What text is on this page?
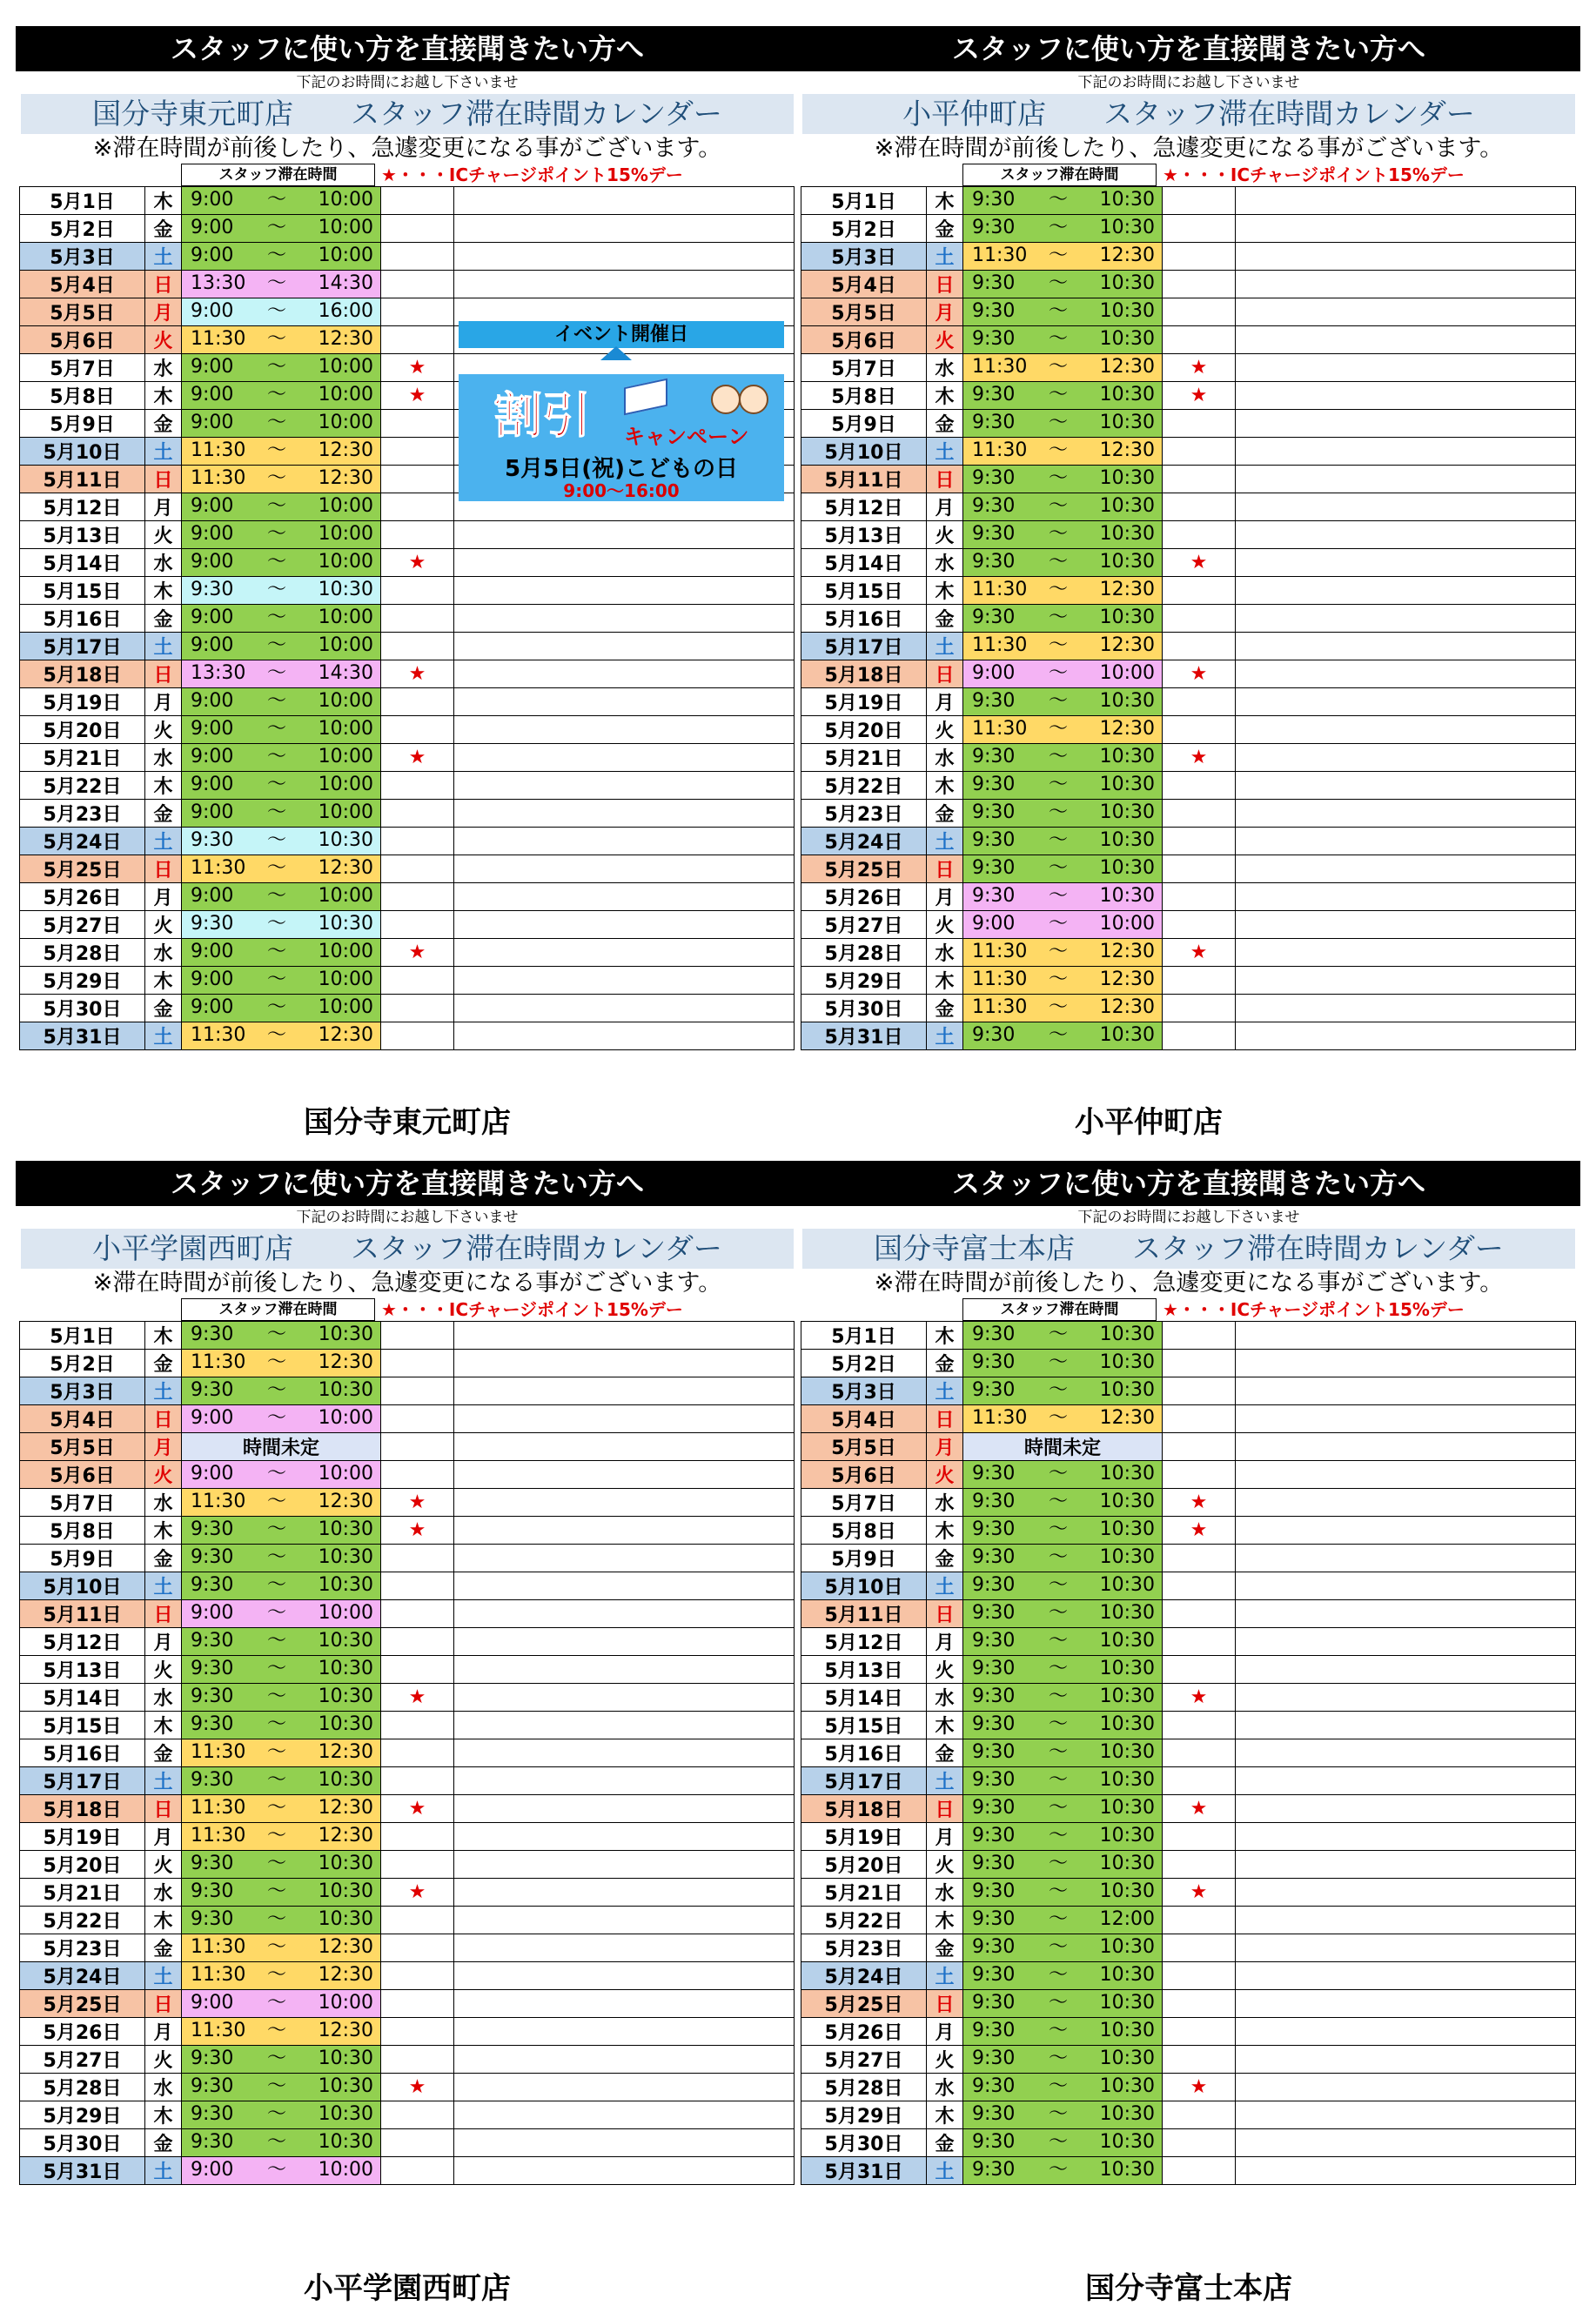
スタッフに使い方を直接聞きたい方へ
下記のお時間にお越し下さいませ
国分寺東元町店　　スタッフ滞在時間カレンダー
※滞在時間が前後したり、急遽変更になる事がございます。
スタッフ滞在時間	★・・・ICチャージポイント15%デー
5月1日	木	9:00 ～ 10:00		

5月2日	金	9:00 ～ 10:00		

5月3日	土	9:00 ～ 10:00		

5月4日	日	13:30 ～ 14:30		

5月5日	月	9:00 ～ 16:00		

5月6日	火	11:30 ～ 12:30		

5月7日	水	9:00 ～ 10:00	★	
5月8日	木	9:00 ～ 10:00	★	
5月9日	金	9:00 ～ 10:00		

5月10日	土	11:30 ～ 12:30		

5月11日	日	11:30 ～ 12:30		

5月12日	月	9:00 ～ 10:00		

5月13日	火	9:00 ～ 10:00		

5月14日	水	9:00 ～ 10:00	★	
5月15日	木	9:30 ～ 10:30		

5月16日	金	9:00 ～ 10:00		

5月17日	土	9:00 ～ 10:00		

5月18日	日	13:30 ～ 14:30	★	
5月19日	月	9:00 ～ 10:00		

5月20日	火	9:00 ～ 10:00		

5月21日	水	9:00 ～ 10:00	★	
5月22日	木	9:00 ～ 10:00		

5月23日	金	9:00 ～ 10:00		

5月24日	土	9:30 ～ 10:30		

5月25日	日	11:30 ～ 12:30		

5月26日	月	9:00 ～ 10:00		

5月27日	火	9:30 ～ 10:30		

5月28日	水	9:00 ～ 10:00	★	
5月29日	木	9:00 ～ 10:00		

5月30日	金	9:00 ～ 10:00		

5月31日	土	11:30 ～ 12:30		

国分寺東元町店
スタッフに使い方を直接聞きたい方へ
下記のお時間にお越し下さいませ
小平仲町店　　スタッフ滞在時間カレンダー
※滞在時間が前後したり、急遽変更になる事がございます。
スタッフ滞在時間	★・・・ICチャージポイント15%デー
5月1日	木	9:30 ～ 10:30		

5月2日	金	9:30 ～ 10:30		

5月3日	土	11:30 ～ 12:30		

5月4日	日	9:30 ～ 10:30		

5月5日	月	9:30 ～ 10:30		

5月6日	火	9:30 ～ 10:30		

5月7日	水	11:30 ～ 12:30	★	
5月8日	木	9:30 ～ 10:30	★	
5月9日	金	9:30 ～ 10:30		

5月10日	土	11:30 ～ 12:30		

5月11日	日	9:30 ～ 10:30		

5月12日	月	9:30 ～ 10:30		

5月13日	火	9:30 ～ 10:30		

5月14日	水	9:30 ～ 10:30	★	
5月15日	木	11:30 ～ 12:30		

5月16日	金	9:30 ～ 10:30		

5月17日	土	11:30 ～ 12:30		

5月18日	日	9:00 ～ 10:00	★	
5月19日	月	9:30 ～ 10:30		

5月20日	火	11:30 ～ 12:30		

5月21日	水	9:30 ～ 10:30	★	
5月22日	木	9:30 ～ 10:30		

5月23日	金	9:30 ～ 10:30		

5月24日	土	9:30 ～ 10:30		

5月25日	日	9:30 ～ 10:30		

5月26日	月	9:30 ～ 10:30		

5月27日	火	9:00 ～ 10:00		

5月28日	水	11:30 ～ 12:30	★	
5月29日	木	11:30 ～ 12:30		

5月30日	金	11:30 ～ 12:30		

5月31日	土	9:30 ～ 10:30		

小平仲町店
スタッフに使い方を直接聞きたい方へ
下記のお時間にお越し下さいませ
小平学園西町店　　スタッフ滞在時間カレンダー
※滞在時間が前後したり、急遽変更になる事がございます。
スタッフ滞在時間	★・・・ICチャージポイント15%デー
5月1日	木	9:30 ～ 10:30		

5月2日	金	11:30 ～ 12:30		

5月3日	土	9:30 ～ 10:30		

5月4日	日	9:00 ～ 10:00		

5月5日	月	時間未定		
5月6日	火	9:00 ～ 10:00		

5月7日	水	11:30 ～ 12:30	★	
5月8日	木	9:30 ～ 10:30	★	
5月9日	金	9:30 ～ 10:30		

5月10日	土	9:30 ～ 10:30		

5月11日	日	9:00 ～ 10:00		

5月12日	月	9:30 ～ 10:30		

5月13日	火	9:30 ～ 10:30		

5月14日	水	9:30 ～ 10:30	★	
5月15日	木	9:30 ～ 10:30		

5月16日	金	11:30 ～ 12:30		

5月17日	土	9:30 ～ 10:30		

5月18日	日	11:30 ～ 12:30	★	
5月19日	月	11:30 ～ 12:30		

5月20日	火	9:30 ～ 10:30		

5月21日	水	9:30 ～ 10:30	★	
5月22日	木	9:30 ～ 10:30		

5月23日	金	11:30 ～ 12:30		

5月24日	土	11:30 ～ 12:30		

5月25日	日	9:00 ～ 10:00		

5月26日	月	11:30 ～ 12:30		

5月27日	火	9:30 ～ 10:30		

5月28日	水	9:30 ～ 10:30	★	
5月29日	木	9:30 ～ 10:30		

5月30日	金	9:30 ～ 10:30		

5月31日	土	9:00 ～ 10:00		

小平学園西町店
スタッフに使い方を直接聞きたい方へ
下記のお時間にお越し下さいませ
国分寺富士本店　　スタッフ滞在時間カレンダー
※滞在時間が前後したり、急遽変更になる事がございます。
スタッフ滞在時間	★・・・ICチャージポイント15%デー
5月1日	木	9:30 ～ 10:30		

5月2日	金	9:30 ～ 10:30		

5月3日	土	9:30 ～ 10:30		

5月4日	日	11:30 ～ 12:30		

5月5日	月	時間未定		
5月6日	火	9:30 ～ 10:30		

5月7日	水	9:30 ～ 10:30	★	
5月8日	木	9:30 ～ 10:30	★	
5月9日	金	9:30 ～ 10:30		

5月10日	土	9:30 ～ 10:30		

5月11日	日	9:30 ～ 10:30		

5月12日	月	9:30 ～ 10:30		

5月13日	火	9:30 ～ 10:30		

5月14日	水	9:30 ～ 10:30	★	
5月15日	木	9:30 ～ 10:30		

5月16日	金	9:30 ～ 10:30		

5月17日	土	9:30 ～ 10:30		

5月18日	日	9:30 ～ 10:30	★	
5月19日	月	9:30 ～ 10:30		

5月20日	火	9:30 ～ 10:30		

5月21日	水	9:30 ～ 10:30	★	
5月22日	木	9:30 ～ 12:00		

5月23日	金	9:30 ～ 10:30		

5月24日	土	9:30 ～ 10:30		

5月25日	日	9:30 ～ 10:30		

5月26日	月	9:30 ～ 10:30		

5月27日	火	9:30 ～ 10:30		

5月28日	水	9:30 ～ 10:30	★	
5月29日	木	9:30 ～ 10:30		

5月30日	金	9:30 ～ 10:30		

5月31日	土	9:30 ～ 10:30		

国分寺富士本店
イベント開催日
割引 キャンペーン
5月5日(祝)こどもの日
9:00～16:00
